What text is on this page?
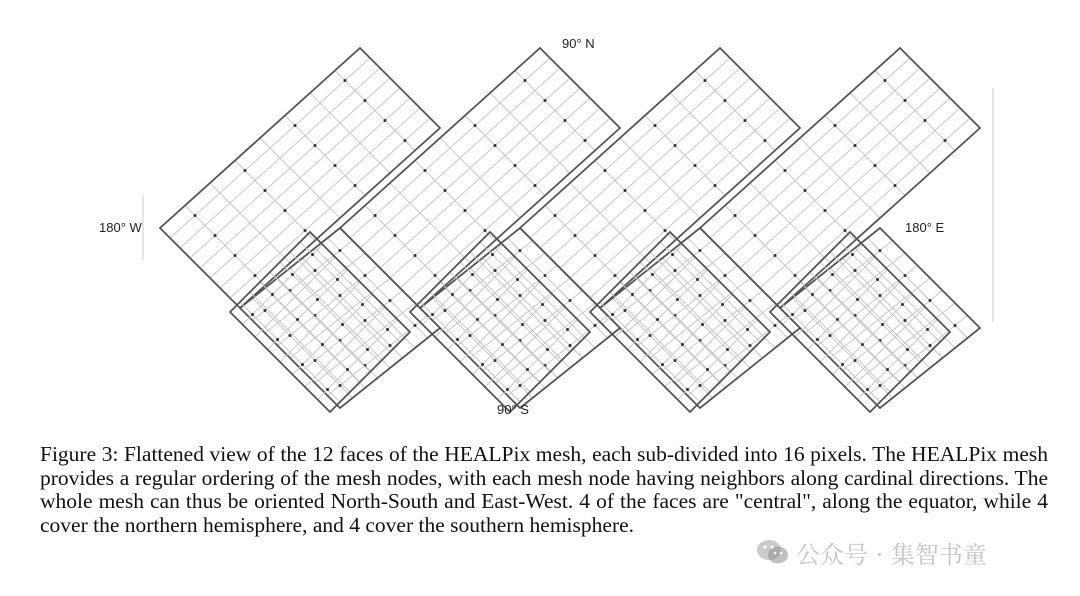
90° N
90° S
180° W	180° E

Figure 3: Flattened view of the 12 faces of the HEALPix mesh, each sub-divided into 16 pixels. The HEALPix mesh provides a regular ordering of the mesh nodes, with each mesh node having neighbors along cardinal directions. The whole mesh can thus be oriented North-South and East-West. 4 of the faces are "central", along the equator, while 4 cover the northern hemisphere, and 4 cover the southern hemisphere.

公众号 · 集智书童
